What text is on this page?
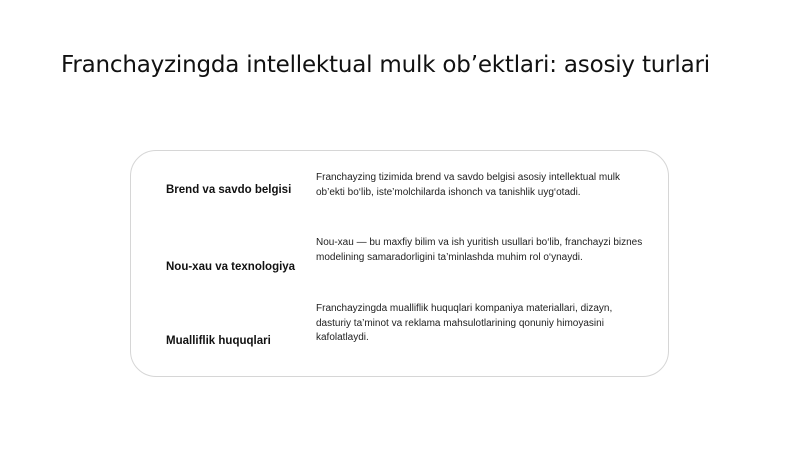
Franchayzingda intellektual mulk ob’ektlari: asosiy turlari
Brend va savdo belgisi
Franchayzing tizimida brend va savdo belgisi asosiy intellektual mulk ob’ekti bo‘lib, iste’molchilarda ishonch va tanishlik uyg‘otadi.
Nou-xau va texnologiya
Nou-xau — bu maxfiy bilim va ish yuritish usullari bo‘lib, franchayzi biznes modelining samaradorligini ta’minlashda muhim rol o‘ynaydi.
Mualliflik huquqlari
Franchayzingda mualliflik huquqlari kompaniya materiallari, dizayn, dasturiy ta’minot va reklama mahsulotlarining qonuniy himoyasini kafolatlaydi.
